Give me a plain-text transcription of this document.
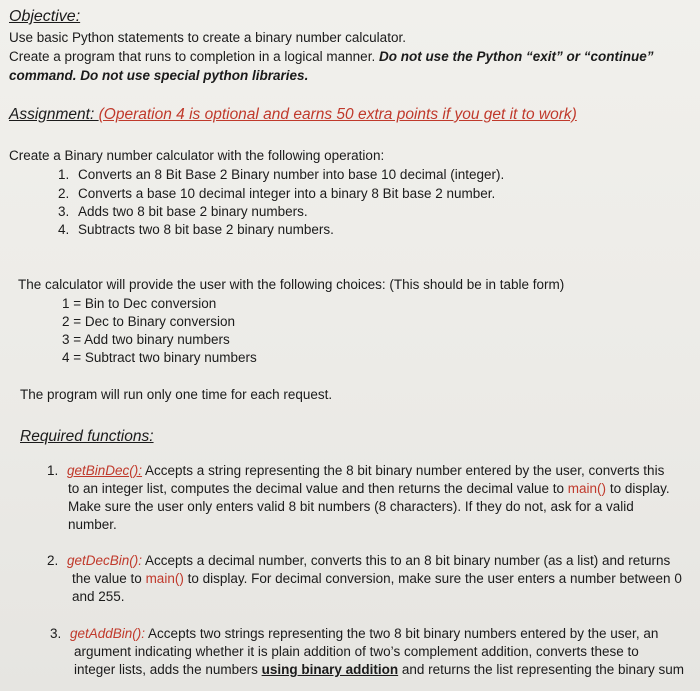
Objective:
Use basic Python statements to create a binary number calculator.
Create a program that runs to completion in a logical manner. Do not use the Python “exit” or “continue”
command. Do not use special python libraries.
Assignment: (Operation 4 is optional and earns 50 extra points if you get it to work)
Create a Binary number calculator with the following operation:
1. Converts an 8 Bit Base 2 Binary number into base 10 decimal (integer).
2. Converts a base 10 decimal integer into a binary 8 Bit base 2 number.
3. Adds two 8 bit base 2 binary numbers.
4. Subtracts two 8 bit base 2 binary numbers.
The calculator will provide the user with the following choices: (This should be in table form)
1 = Bin to Dec conversion
2 = Dec to Binary conversion
3 = Add two binary numbers
4 = Subtract two binary numbers
The program will run only one time for each request.
Required functions:
1. getBinDec(): Accepts a string representing the 8 bit binary number entered by the user, converts this
to an integer list, computes the decimal value and then returns the decimal value to main() to display.
Make sure the user only enters valid 8 bit numbers (8 characters). If they do not, ask for a valid
number.
2. getDecBin(): Accepts a decimal number, converts this to an 8 bit binary number (as a list) and returns
the value to main() to display. For decimal conversion, make sure the user enters a number between 0
and 255.
3. getAddBin(): Accepts two strings representing the two 8 bit binary numbers entered by the user, an
argument indicating whether it is plain addition of two’s complement addition, converts these to
integer lists, adds the numbers using binary addition and returns the list representing the binary sum
